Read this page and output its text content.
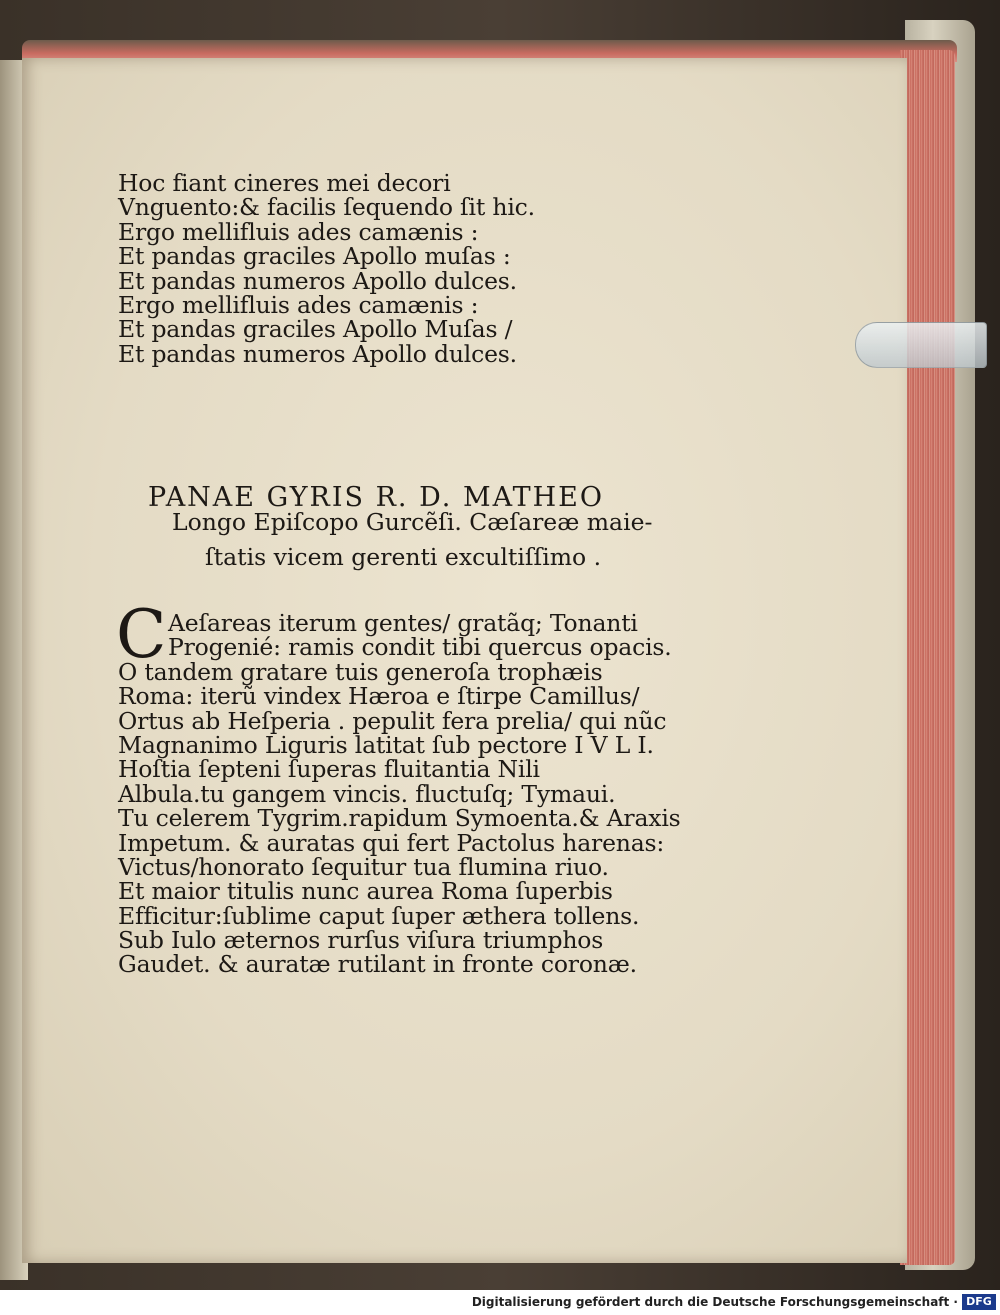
Hoc fiant cineres mei decori
Vnguento:& facilis ſequendo ſit hic.
Ergo mellifluis ades camænis :
Et pandas graciles Apollo muſas :
Et pandas numeros Apollo dulces.
Ergo mellifluis ades camænis :
Et pandas graciles Apollo Muſas /
Et pandas numeros Apollo dulces.
PANAE GYRIS R. D. MATHEO
Longo Epiſcopo Gurcẽſi. Cæſareæ maie-
ſtatis vicem gerenti excultiſſimo .
C Aeſareas iterum gentes/ gratãq; Tonanti
Progenié: ramis condit tibi quercus opacis.
O tandem gratare tuis generoſa trophæis
Roma: iterũ vindex Hæroa e ſtirpe Camillus/
Ortus ab Heſperia . pepulit fera prelia/ qui nũc
Magnanimo Liguris latitat ſub pectore I V L I.
Hoſtia ſepteni ſuperas fluitantia Nili
Albula.tu gangem vincis. fluctuſq; Tymaui.
Tu celerem Tygrim.rapidum Symoenta.& Araxis
Impetum. & auratas qui fert Pactolus harenas:
Victus/honorato ſequitur tua flumina riuo.
Et maior titulis nunc aurea Roma ſuperbis
Efficitur:ſublime caput ſuper æthera tollens.
Sub Iulo æternos rurſus viſura triumphos
Gaudet. & auratæ rutilant in fronte coronæ.
Digitalisierung gefördert durch die Deutsche Forschungsgemeinschaft · DFG
